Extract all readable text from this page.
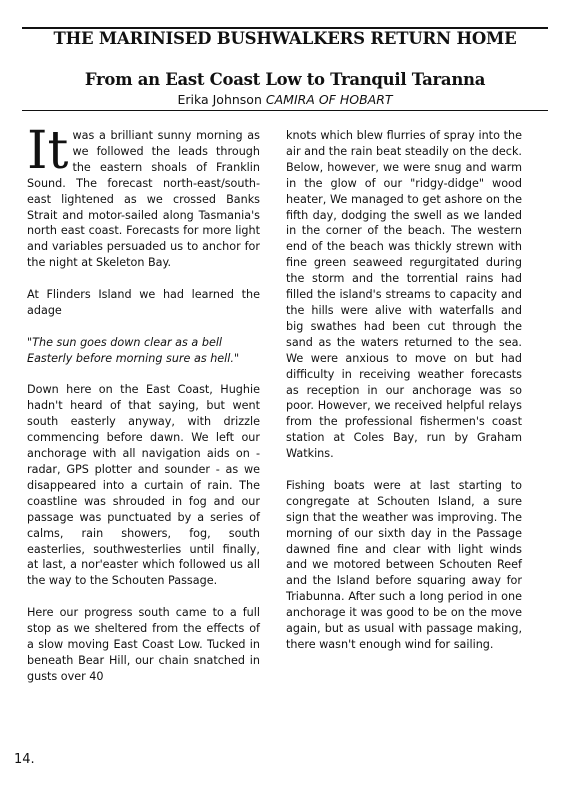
THE MARINISED BUSHWALKERS RETURN HOME
From an East Coast Low to Tranquil Taranna
Erika Johnson CAMIRA OF HOBART

It was a brilliant sunny morning as we followed the leads through the eastern shoals of Franklin Sound. The forecast north-east/south-east lightened as we crossed Banks Strait and motor-sailed along Tasmania's north east coast. Forecasts for more light and variables persuaded us to anchor for the night at Skeleton Bay.

At Flinders Island we had learned the adage

"The sun goes down clear as a bell Easterly before morning sure as hell."

Down here on the East Coast, Hughie hadn't heard of that saying, but went south easterly anyway, with drizzle commencing before dawn. We left our anchorage with all navigation aids on - radar, GPS plotter and sounder - as we disappeared into a curtain of rain. The coastline was shrouded in fog and our passage was punctuated by a series of calms, rain showers, fog, south easterlies, southwesterlies until finally, at last, a nor'easter which followed us all the way to the Schouten Passage.

Here our progress south came to a full stop as we sheltered from the effects of a slow moving East Coast Low. Tucked in beneath Bear Hill, our chain snatched in gusts over 40

knots which blew flurries of spray into the air and the rain beat steadily on the deck. Below, however, we were snug and warm in the glow of our "ridgy-didge" wood heater, We managed to get ashore on the fifth day, dodging the swell as we landed in the corner of the beach. The western end of the beach was thickly strewn with fine green seaweed regurgitated during the storm and the torrential rains had filled the island's streams to capacity and the hills were alive with waterfalls and big swathes had been cut through the sand as the waters returned to the sea. We were anxious to move on but had difficulty in receiving weather forecasts as reception in our anchorage was so poor. However, we received helpful relays from the professional fishermen's coast station at Coles Bay, run by Graham Watkins.

Fishing boats were at last starting to congregate at Schouten Island, a sure sign that the weather was improving. The morning of our sixth day in the Passage dawned fine and clear with light winds and we motored between Schouten Reef and the Island before squaring away for Triabunna. After such a long period in one anchorage it was good to be on the move again, but as usual with passage making, there wasn't enough wind for sailing.

14.
